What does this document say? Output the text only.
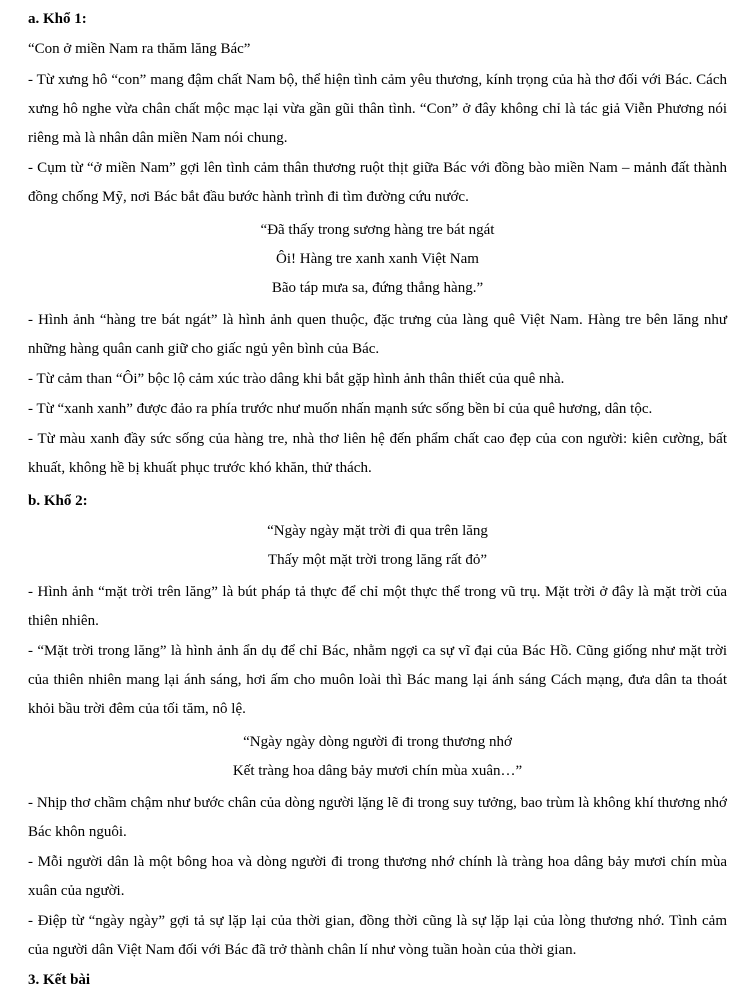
a. Khổ 1:
“Con ở miền Nam ra thăm lăng Bác”
- Từ xưng hô “con” mang đậm chất Nam bộ, thể hiện tình cảm yêu thương, kính trọng của hà thơ đối với Bác. Cách xưng hô nghe vừa chân chất mộc mạc lại vừa gần gũi thân tình. “Con” ở đây không chỉ là tác giả Viễn Phương nói riêng mà là nhân dân miền Nam nói chung.
- Cụm từ “ở miền Nam” gợi lên tình cảm thân thương ruột thịt giữa Bác với đồng bào miền Nam – mảnh đất thành đồng chống Mỹ, nơi Bác bắt đầu bước hành trình đi tìm đường cứu nước.
“Đã thấy trong sương hàng tre bát ngát
Ôi! Hàng tre xanh xanh Việt Nam
Bão táp mưa sa, đứng thẳng hàng.”
- Hình ảnh “hàng tre bát ngát” là hình ảnh quen thuộc, đặc trưng của làng quê Việt Nam. Hàng tre bên lăng như những hàng quân canh giữ cho giấc ngủ yên bình của Bác.
- Từ cảm than “Ôi” bộc lộ cảm xúc trào dâng khi bắt gặp hình ảnh thân thiết của quê nhà.
- Từ “xanh xanh” được đảo ra phía trước như muốn nhấn mạnh sức sống bền bỉ của quê hương, dân tộc.
- Từ màu xanh đầy sức sống của hàng tre, nhà thơ liên hệ đến phẩm chất cao đẹp của con người: kiên cường, bất khuất, không hề bị khuất phục trước khó khăn, thử thách.
b. Khổ 2:
“Ngày ngày mặt trời đi qua trên lăng
Thấy một mặt trời trong lăng rất đỏ”
- Hình ảnh “mặt trời trên lăng” là bút pháp tả thực để chỉ một thực thể trong vũ trụ. Mặt trời ở đây là mặt trời của thiên nhiên.
- “Mặt trời trong lăng” là hình ảnh ẩn dụ để chỉ Bác, nhằm ngợi ca sự vĩ đại của Bác Hồ. Cũng giống như mặt trời của thiên nhiên mang lại ánh sáng, hơi ấm cho muôn loài thì Bác mang lại ánh sáng Cách mạng, đưa dân ta thoát khỏi bầu trời đêm của tối tăm, nô lệ.
“Ngày ngày dòng người đi trong thương nhớ
Kết tràng hoa dâng bảy mươi chín mùa xuân…”
- Nhịp thơ chầm chậm như bước chân của dòng người lặng lẽ đi trong suy tưởng, bao trùm là không khí thương nhớ Bác khôn nguôi.
- Mỗi người dân là một bông hoa và dòng người đi trong thương nhớ chính là tràng hoa dâng bảy mươi chín mùa xuân của người.
- Điệp từ “ngày ngày” gợi tả sự lặp lại của thời gian, đồng thời cũng là sự lặp lại của lòng thương nhớ. Tình cảm của người dân Việt Nam đối với Bác đã trở thành chân lí như vòng tuần hoàn của thời gian.
3. Kết bài
